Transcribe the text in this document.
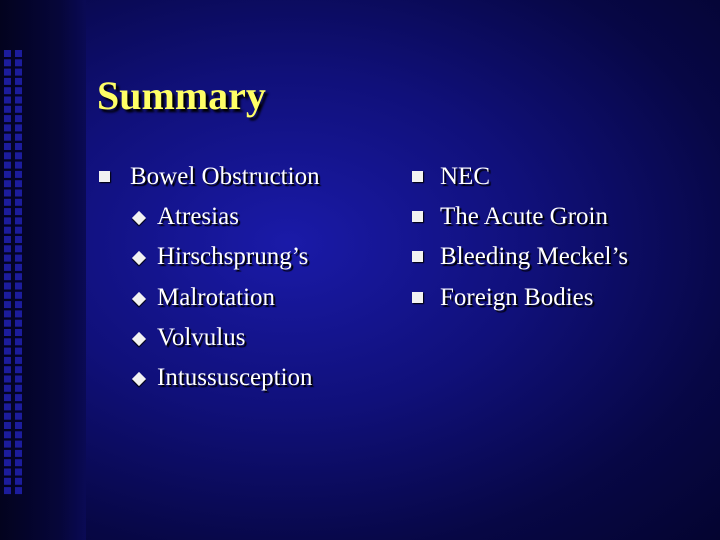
Summary
Bowel Obstruction
Atresias
Hirschsprung’s
Malrotation
Volvulus
Intussusception
NEC
The Acute Groin
Bleeding Meckel’s
Foreign Bodies
